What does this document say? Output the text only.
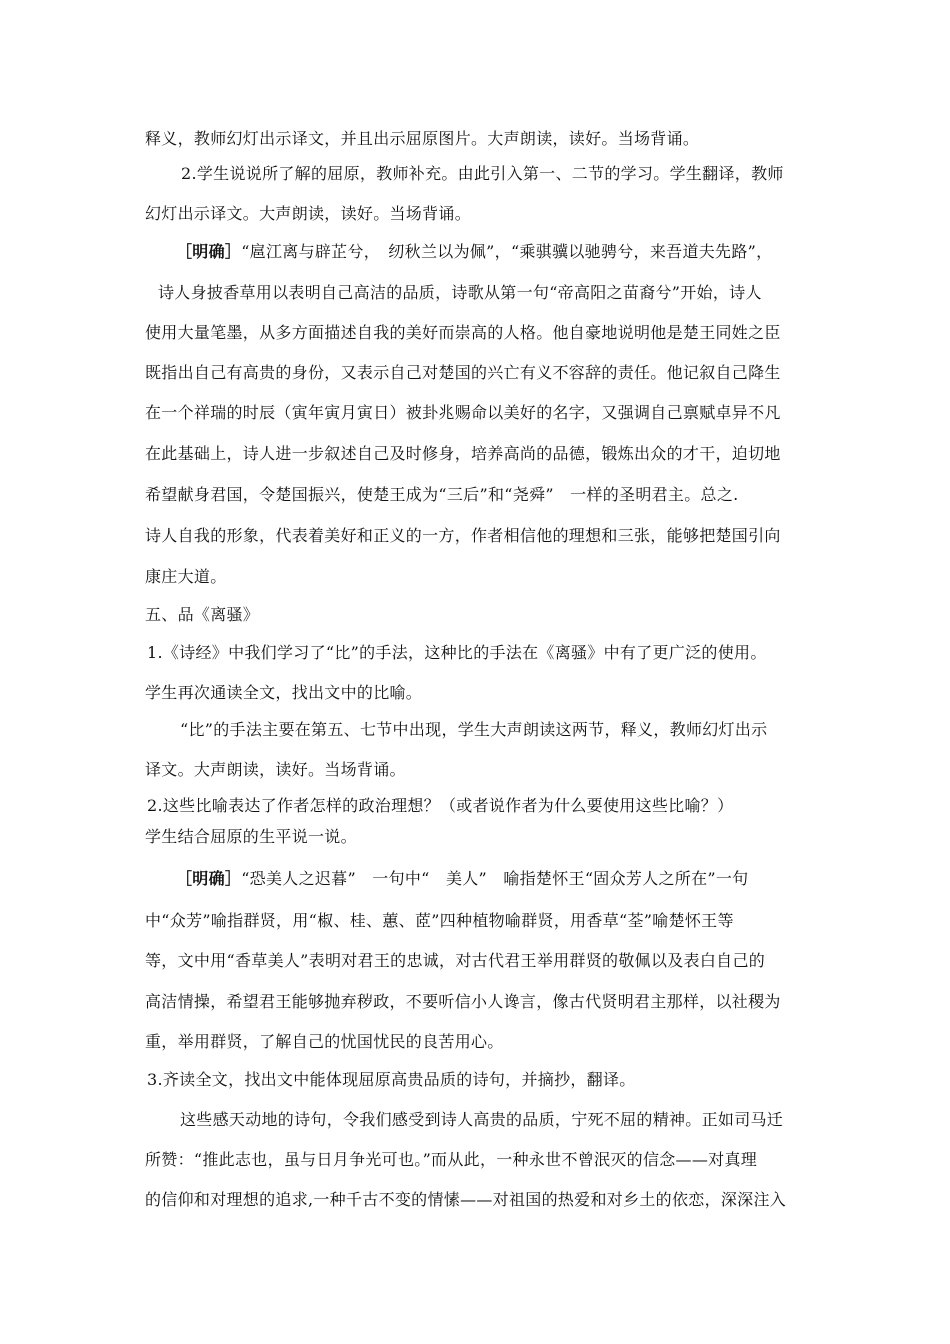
释义，教师幻灯出示译文，并且出示屈原图片。大声朗读，读好。当场背诵。
2.学生说说所了解的屈原，教师补充。由此引入第一、二节的学习。学生翻译，教师
幻灯出示译文。大声朗读，读好。当场背诵。
［明确］“扈江离与辟芷兮，　纫秋兰以为佩”，“乘骐骥以驰骋兮，来吾道夫先路”，
诗人身披香草用以表明自己高洁的品质，诗歌从第一句“帝高阳之苗裔兮”开始，诗人
使用大量笔墨，从多方面描述自我的美好而崇高的人格。他自豪地说明他是楚王同姓之臣
既指出自己有高贵的身份，又表示自己对楚国的兴亡有义不容辞的责任。他记叙自己降生
在一个祥瑞的时辰（寅年寅月寅日）被卦兆赐命以美好的名字，又强调自己禀赋卓异不凡
在此基础上，诗人进一步叙述自己及时修身，培养高尚的品德，锻炼出众的才干，迫切地
希望献身君国，令楚国振兴，使楚王成为“三后”和“尧舜”　一样的圣明君主。总之.
诗人自我的形象，代表着美好和正义的一方，作者相信他的理想和三张，能够把楚国引向
康庄大道。
五、品《离骚》
1.《诗经》中我们学习了“比”的手法，这种比的手法在《离骚》中有了更广泛的使用。
学生再次通读全文，找出文中的比喻。
“比”的手法主要在第五、七节中出现，学生大声朗读这两节，释义，教师幻灯出示
译文。大声朗读，读好。当场背诵。
2.这些比喻表达了作者怎样的政治理想？（或者说作者为什么要使用这些比喻？）
学生结合屈原的生平说一说。
［明确］“恐美人之迟暮”　一句中“　美人”　喻指楚怀王“固众芳人之所在”一句
中“众芳”喻指群贤，用“椒、桂、蕙、茝”四种植物喻群贤，用香草“荃”喻楚怀王等
等，文中用“香草美人”表明对君王的忠诚，对古代君王举用群贤的敬佩以及表白自己的
高洁情操，希望君王能够抛弃秽政，不要听信小人谗言，像古代贤明君主那样，以社稷为
重，举用群贤，了解自己的忧国忧民的良苦用心。
3.齐读全文，找出文中能体现屈原高贵品质的诗句，并摘抄，翻译。
这些感天动地的诗句，令我们感受到诗人高贵的品质，宁死不屈的精神。正如司马迁
所赞：“推此志也，虽与日月争光可也。”而从此，一种永世不曾泯灭的信念——对真理
的信仰和对理想的追求,一种千古不变的情愫——对祖国的热爱和对乡土的依恋，深深注入
